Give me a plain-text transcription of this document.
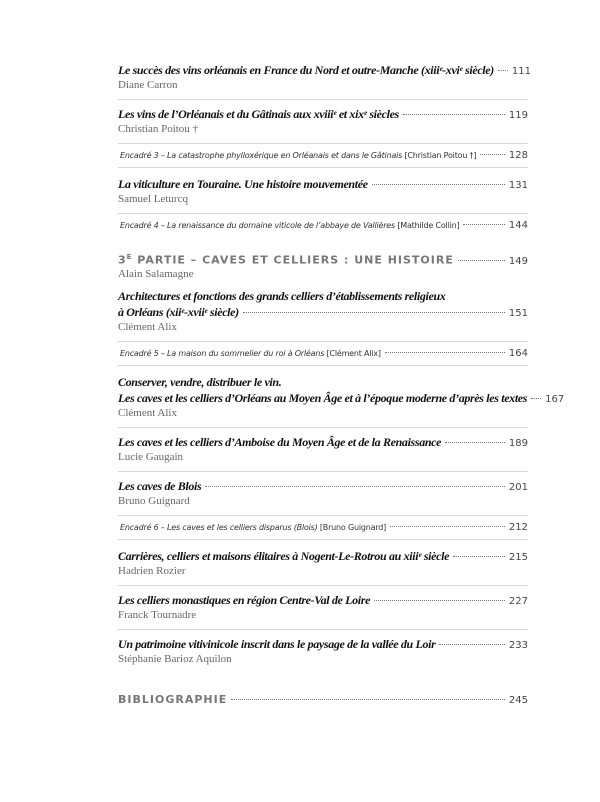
Le succès des vins orléanais en France du Nord et outre-Manche (xiiiᵉ-xviᵉ siècle) 111
Diane Carron
Les vins de l’Orléanais et du Gâtinais aux xviiiᵉ et xixᵉ siècles	119
Christian Poitou †
Encadré 3 – La catastrophe phylloxérique en Orléanais et dans le Gâtinais [Christian Poitou †]	128
La viticulture en Touraine. Une histoire mouvementée	131
Samuel Leturcq
Encadré 4 – La renaissance du domaine viticole de l’abbaye de Vallières [Mathilde Collin]	144
$3^E$ PARTIE – CAVES ET CELLIERS : UNE HISTOIRE	149
Alain Salamagne
Architectures et fonctions des grands celliers d’établissements religieux
à Orléans (xiiᵉ-xviiᵉ siècle)	151
Clément Alix
Encadré 5 – La maison du sommelier du roi à Orléans [Clément Alix]	164
Conserver, vendre, distribuer le vin.
Les caves et les celliers d’Orléans au Moyen Âge et à l’époque moderne d’après les textes 167
Clément Alix
Les caves et les celliers d’Amboise du Moyen Âge et de la Renaissance	189
Lucie Gaugain
Les caves de Blois	201
Bruno Guignard
Encadré 6 – Les caves et les celliers disparus (Blois) [Bruno Guignard]	212
Carrières, celliers et maisons élitaires à Nogent-Le-Rotrou au xiiiᵉ siècle	215
Hadrien Rozier
Les celliers monastiques en région Centre-Val de Loire	227
Franck Tournadre
Un patrimoine vitivinicole inscrit dans le paysage de la vallée du Loir	233
Stéphanie Barioz Aquilon
BIBLIOGRAPHIE	245
